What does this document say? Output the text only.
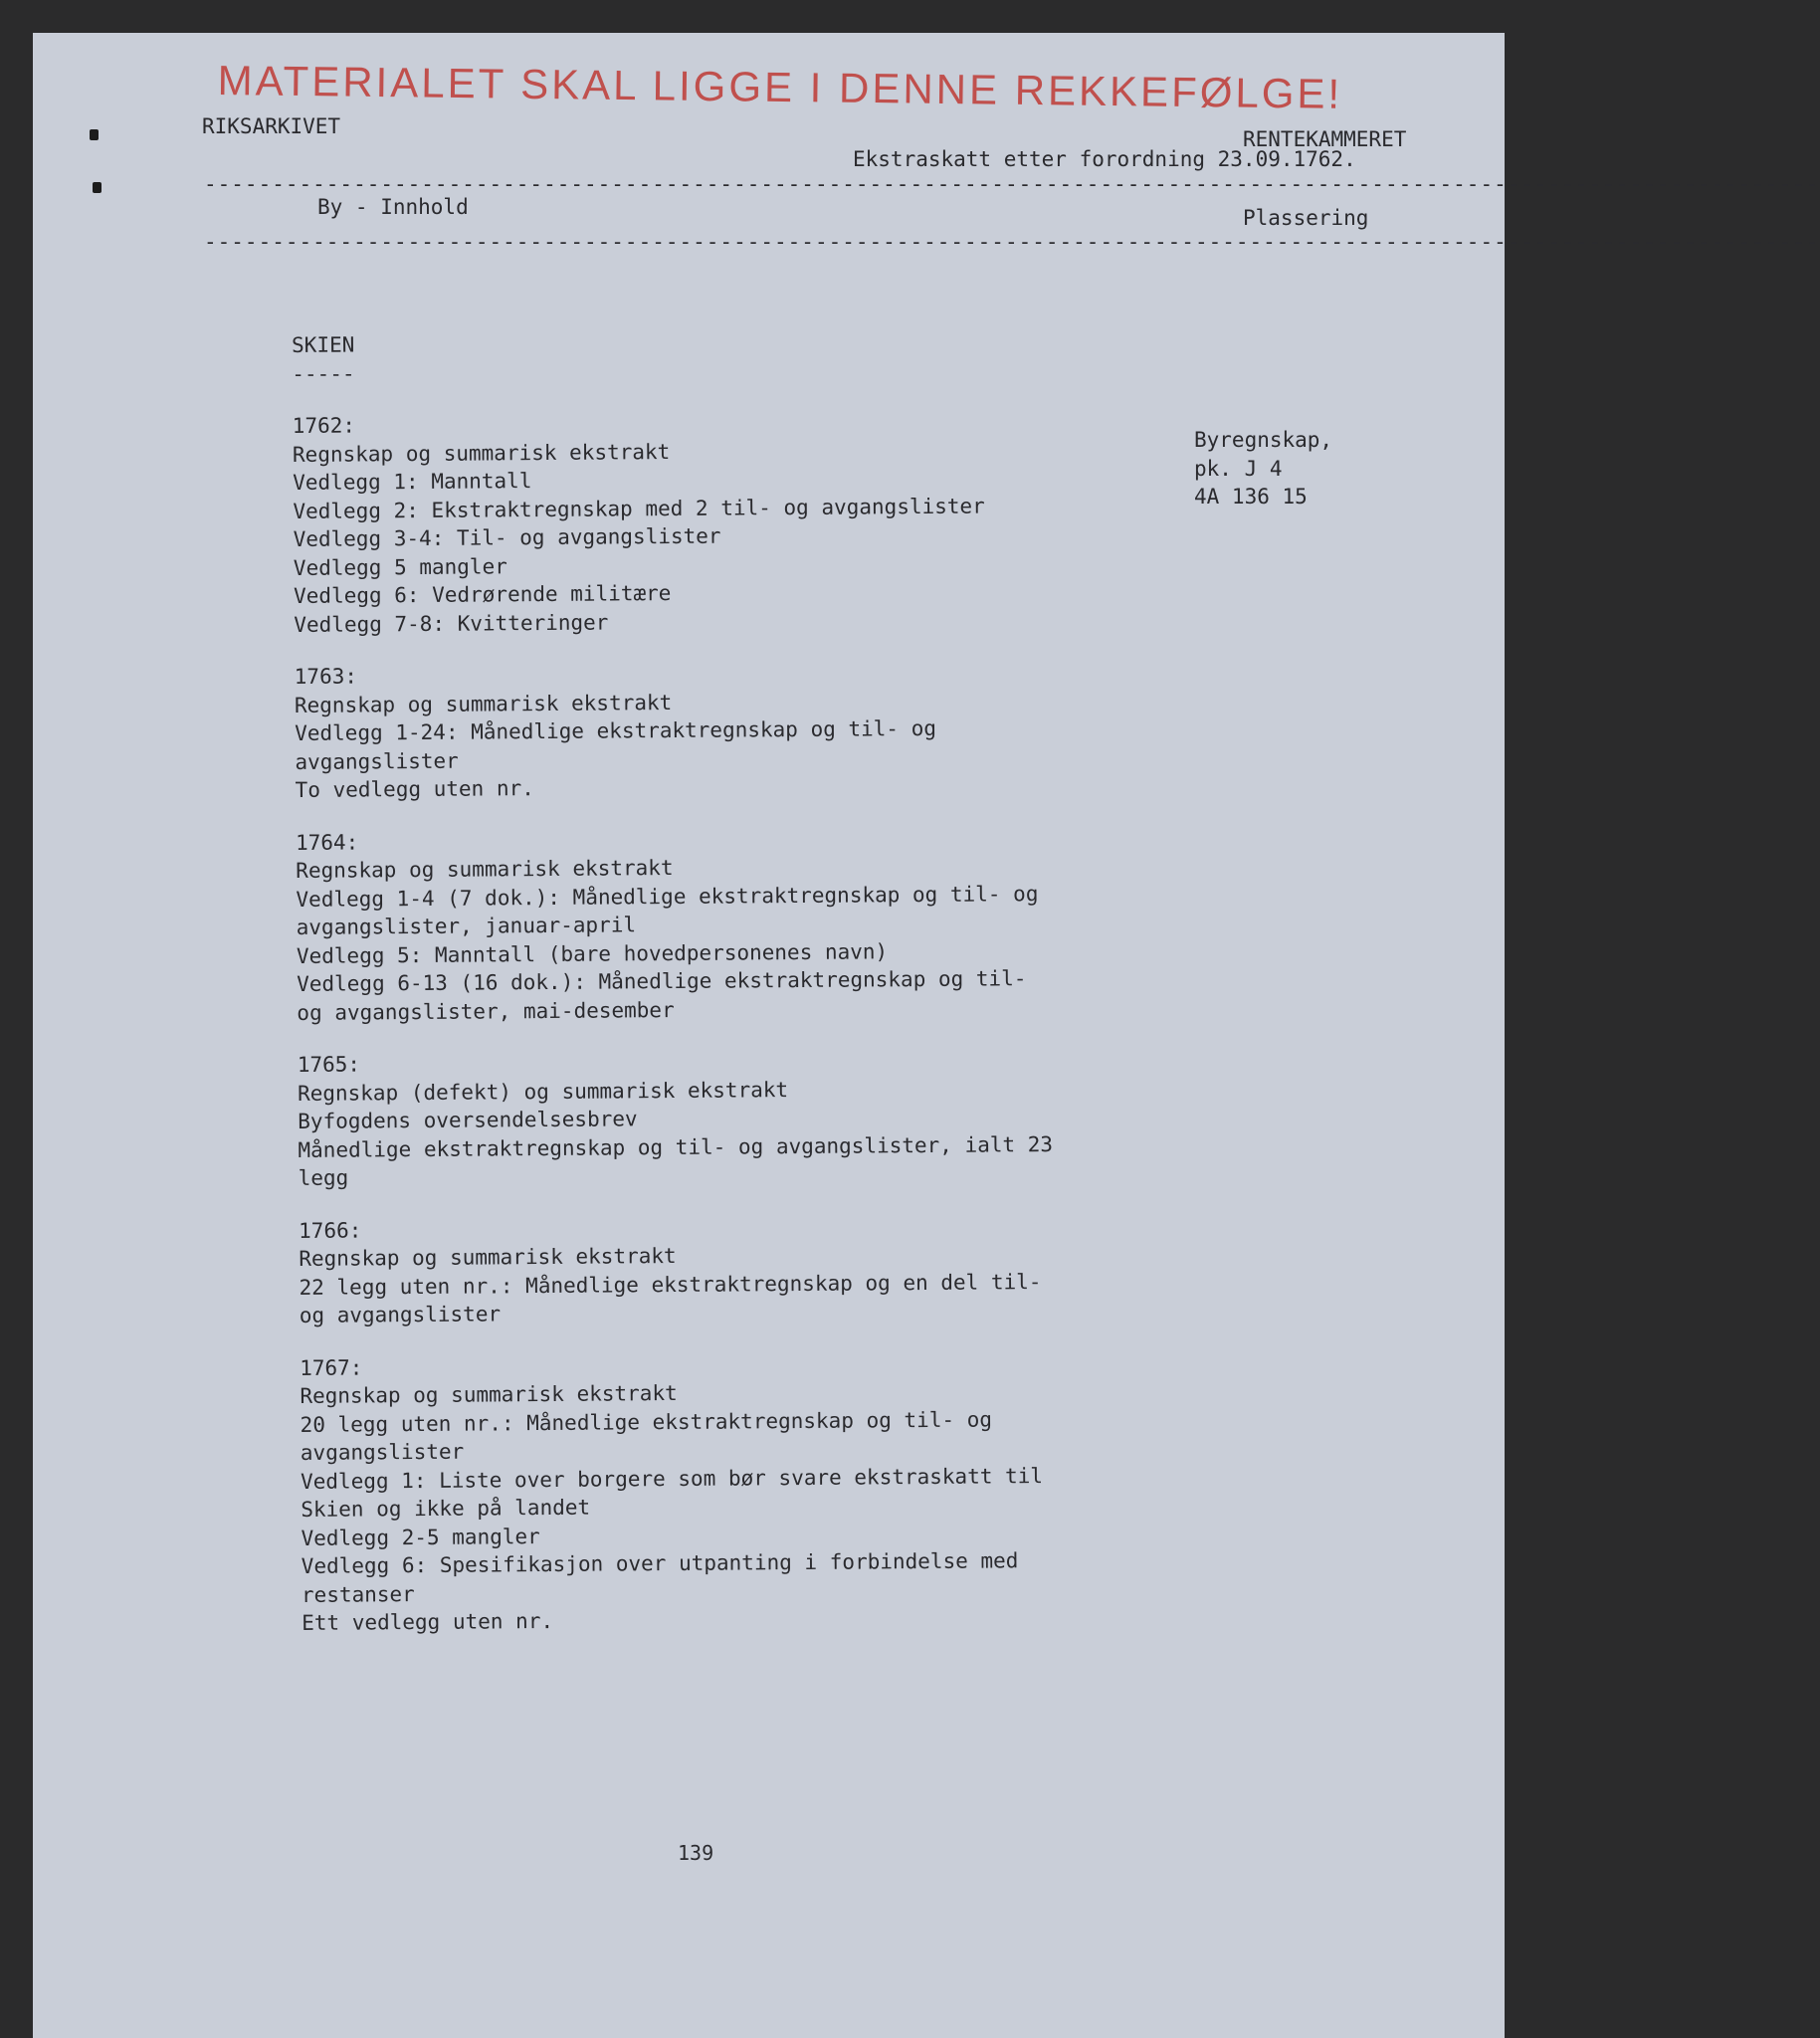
MATERIALET SKAL LIGGE I DENNE REKKEFØLGE!
RIKSARKIVET
RENTEKAMMERET
Ekstraskatt etter forordning 23.09.1762.
-----------------------------------------------------------------------------------------------------------------------
By - Innhold	Plassering
-----------------------------------------------------------------------------------------------------------------------
SKIEN
-----
1762:
Regnskap og summarisk ekstrakt
Vedlegg 1: Manntall
Vedlegg 2: Ekstraktregnskap med 2 til- og avgangslister
Vedlegg 3-4: Til- og avgangslister
Vedlegg 5 mangler
Vedlegg 6: Vedrørende militære
Vedlegg 7-8: Kvitteringer
1763:
Regnskap og summarisk ekstrakt
Vedlegg 1-24: Månedlige ekstraktregnskap og til- og
avgangslister
To vedlegg uten nr.
1764:
Regnskap og summarisk ekstrakt
Vedlegg 1-4 (7 dok.): Månedlige ekstraktregnskap og til- og
avgangslister, januar-april
Vedlegg 5: Manntall (bare hovedpersonenes navn)
Vedlegg 6-13 (16 dok.): Månedlige ekstraktregnskap og til-
og avgangslister, mai-desember
1765:
Regnskap (defekt) og summarisk ekstrakt
Byfogdens oversendelsesbrev
Månedlige ekstraktregnskap og til- og avgangslister, ialt 23
legg
1766:
Regnskap og summarisk ekstrakt
22 legg uten nr.: Månedlige ekstraktregnskap og en del til-
og avgangslister
1767:
Regnskap og summarisk ekstrakt
20 legg uten nr.: Månedlige ekstraktregnskap og til- og
avgangslister
Vedlegg 1: Liste over borgere som bør svare ekstraskatt til
Skien og ikke på landet
Vedlegg 2-5 mangler
Vedlegg 6: Spesifikasjon over utpanting i forbindelse med
restanser
Ett vedlegg uten nr.
Byregnskap,
pk. J 4
4A 136 15
139
